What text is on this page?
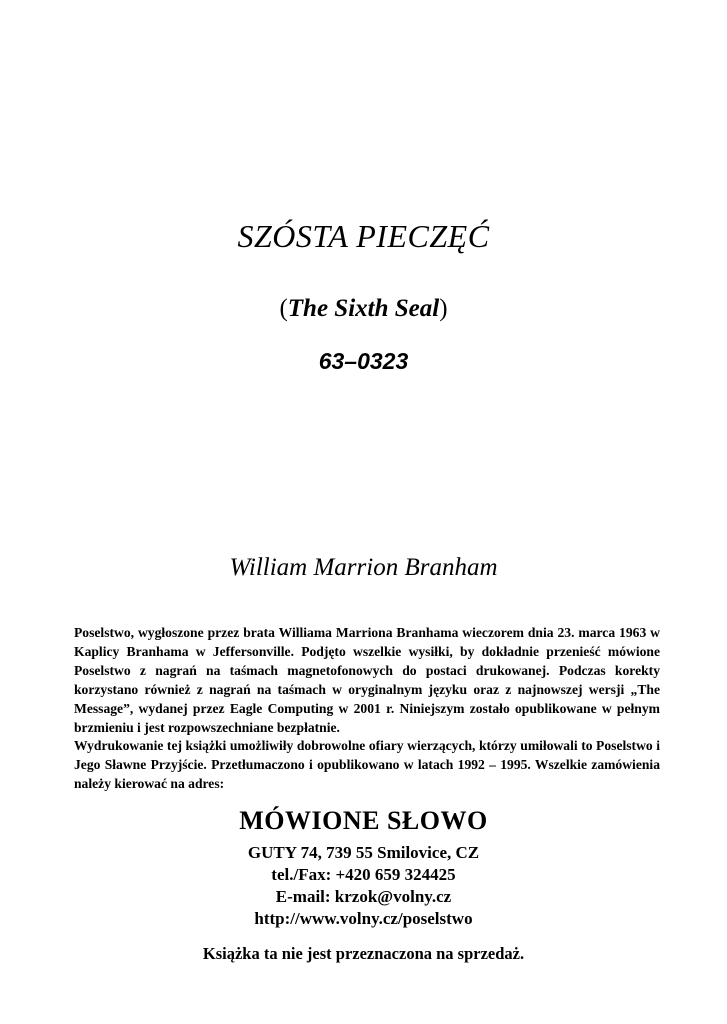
SZÓSTA PIECZĘĆ
(The Sixth Seal)
63–0323
William Marrion Branham
Poselstwo, wygłoszone przez brata Williama Marriona Branhama wieczorem dnia 23. marca 1963 w Kaplicy Branhama w Jeffersonville. Podjęto wszelkie wysiłki, by dokładnie przenieść mówione Poselstwo z nagrań na taśmach magnetofonowych do postaci drukowanej. Podczas korekty korzystano również z nagrań na taśmach w oryginalnym języku oraz z najnowszej wersji „The Message”, wydanej przez Eagle Computing w 2001 r. Niniejszym zostało opublikowane w pełnym brzmieniu i jest rozpowszechniane bezpłatnie.
Wydrukowanie tej książki umożliwiły dobrowolne ofiary wierzących, którzy umiłowali to Poselstwo i Jego Sławne Przyjście. Przetłumaczono i opublikowano w latach 1992 – 1995. Wszelkie zamówienia należy kierować na adres:
MÓWIONE SŁOWO
GUTY 74, 739 55 Smilovice, CZ
tel./Fax: +420 659 324425
E-mail: krzok@volny.cz
http://www.volny.cz/poselstwo
Książka ta nie jest przeznaczona na sprzedaż.
